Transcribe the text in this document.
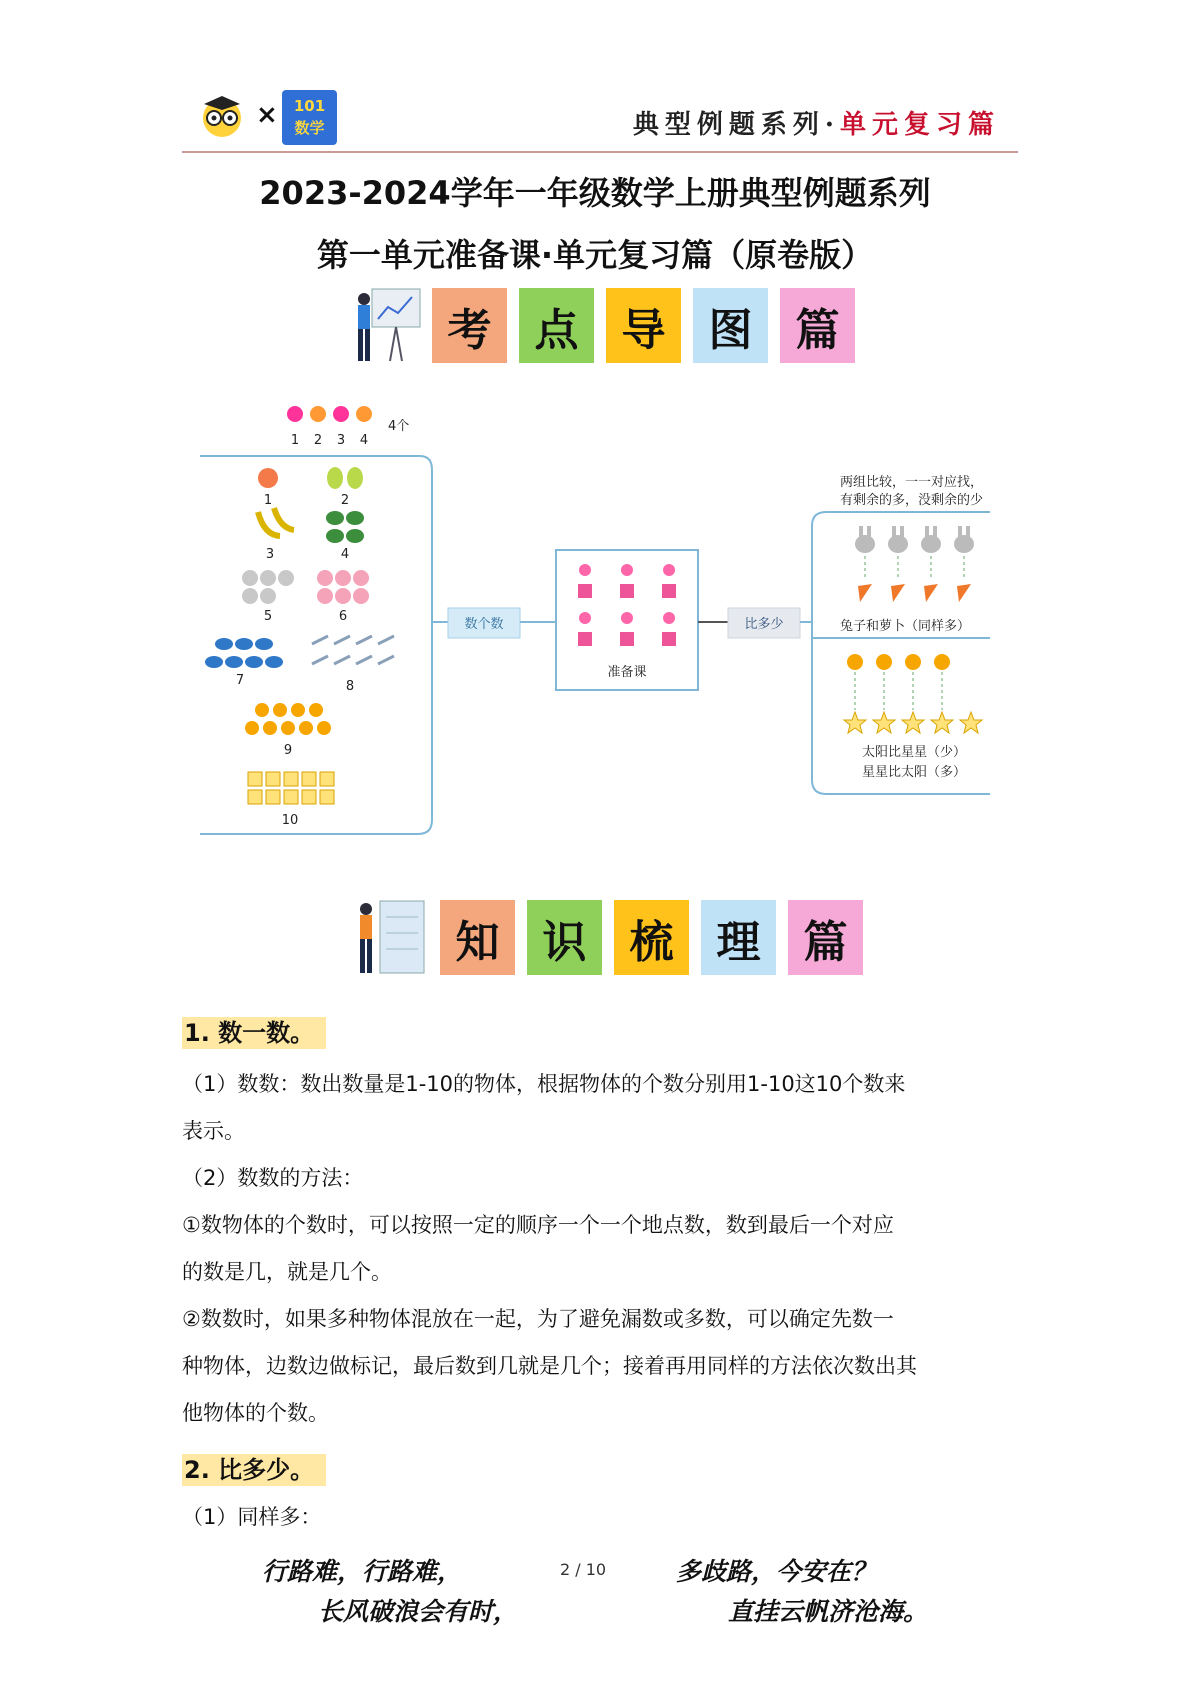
×	101
数学	典型例题系列·单元复习篇
2023-2024学年一年级数学上册典型例题系列
第一单元准备课·单元复习篇（原卷版）
考 点 导 图 篇
数个数
准备课
比多少
两组比较，一一对应找，
有剩余的多，没剩余的少
兔子和萝卜（同样多）
太阳比星星（少）
星星比太阳（多）
1 2 3 4
4个
1	2
3	4
5	6
7	8
9
10
知 识 梳 理 篇
1. 数一数。
（1）数数：数出数量是1-10的物体，根据物体的个数分别用1-10这10个数来
表示。
（2）数数的方法：
①数物体的个数时，可以按照一定的顺序一个一个地点数，数到最后一个对应
的数是几，就是几个。
②数数时，如果多种物体混放在一起，为了避免漏数或多数，可以确定先数一
种物体，边数边做标记，最后数到几就是几个；接着再用同样的方法依次数出其
他物体的个数。
2. 比多少。
（1）同样多：
2 / 10
行路难，行路难，
长风破浪会有时，
多歧路，今安在？
直挂云帆济沧海。
